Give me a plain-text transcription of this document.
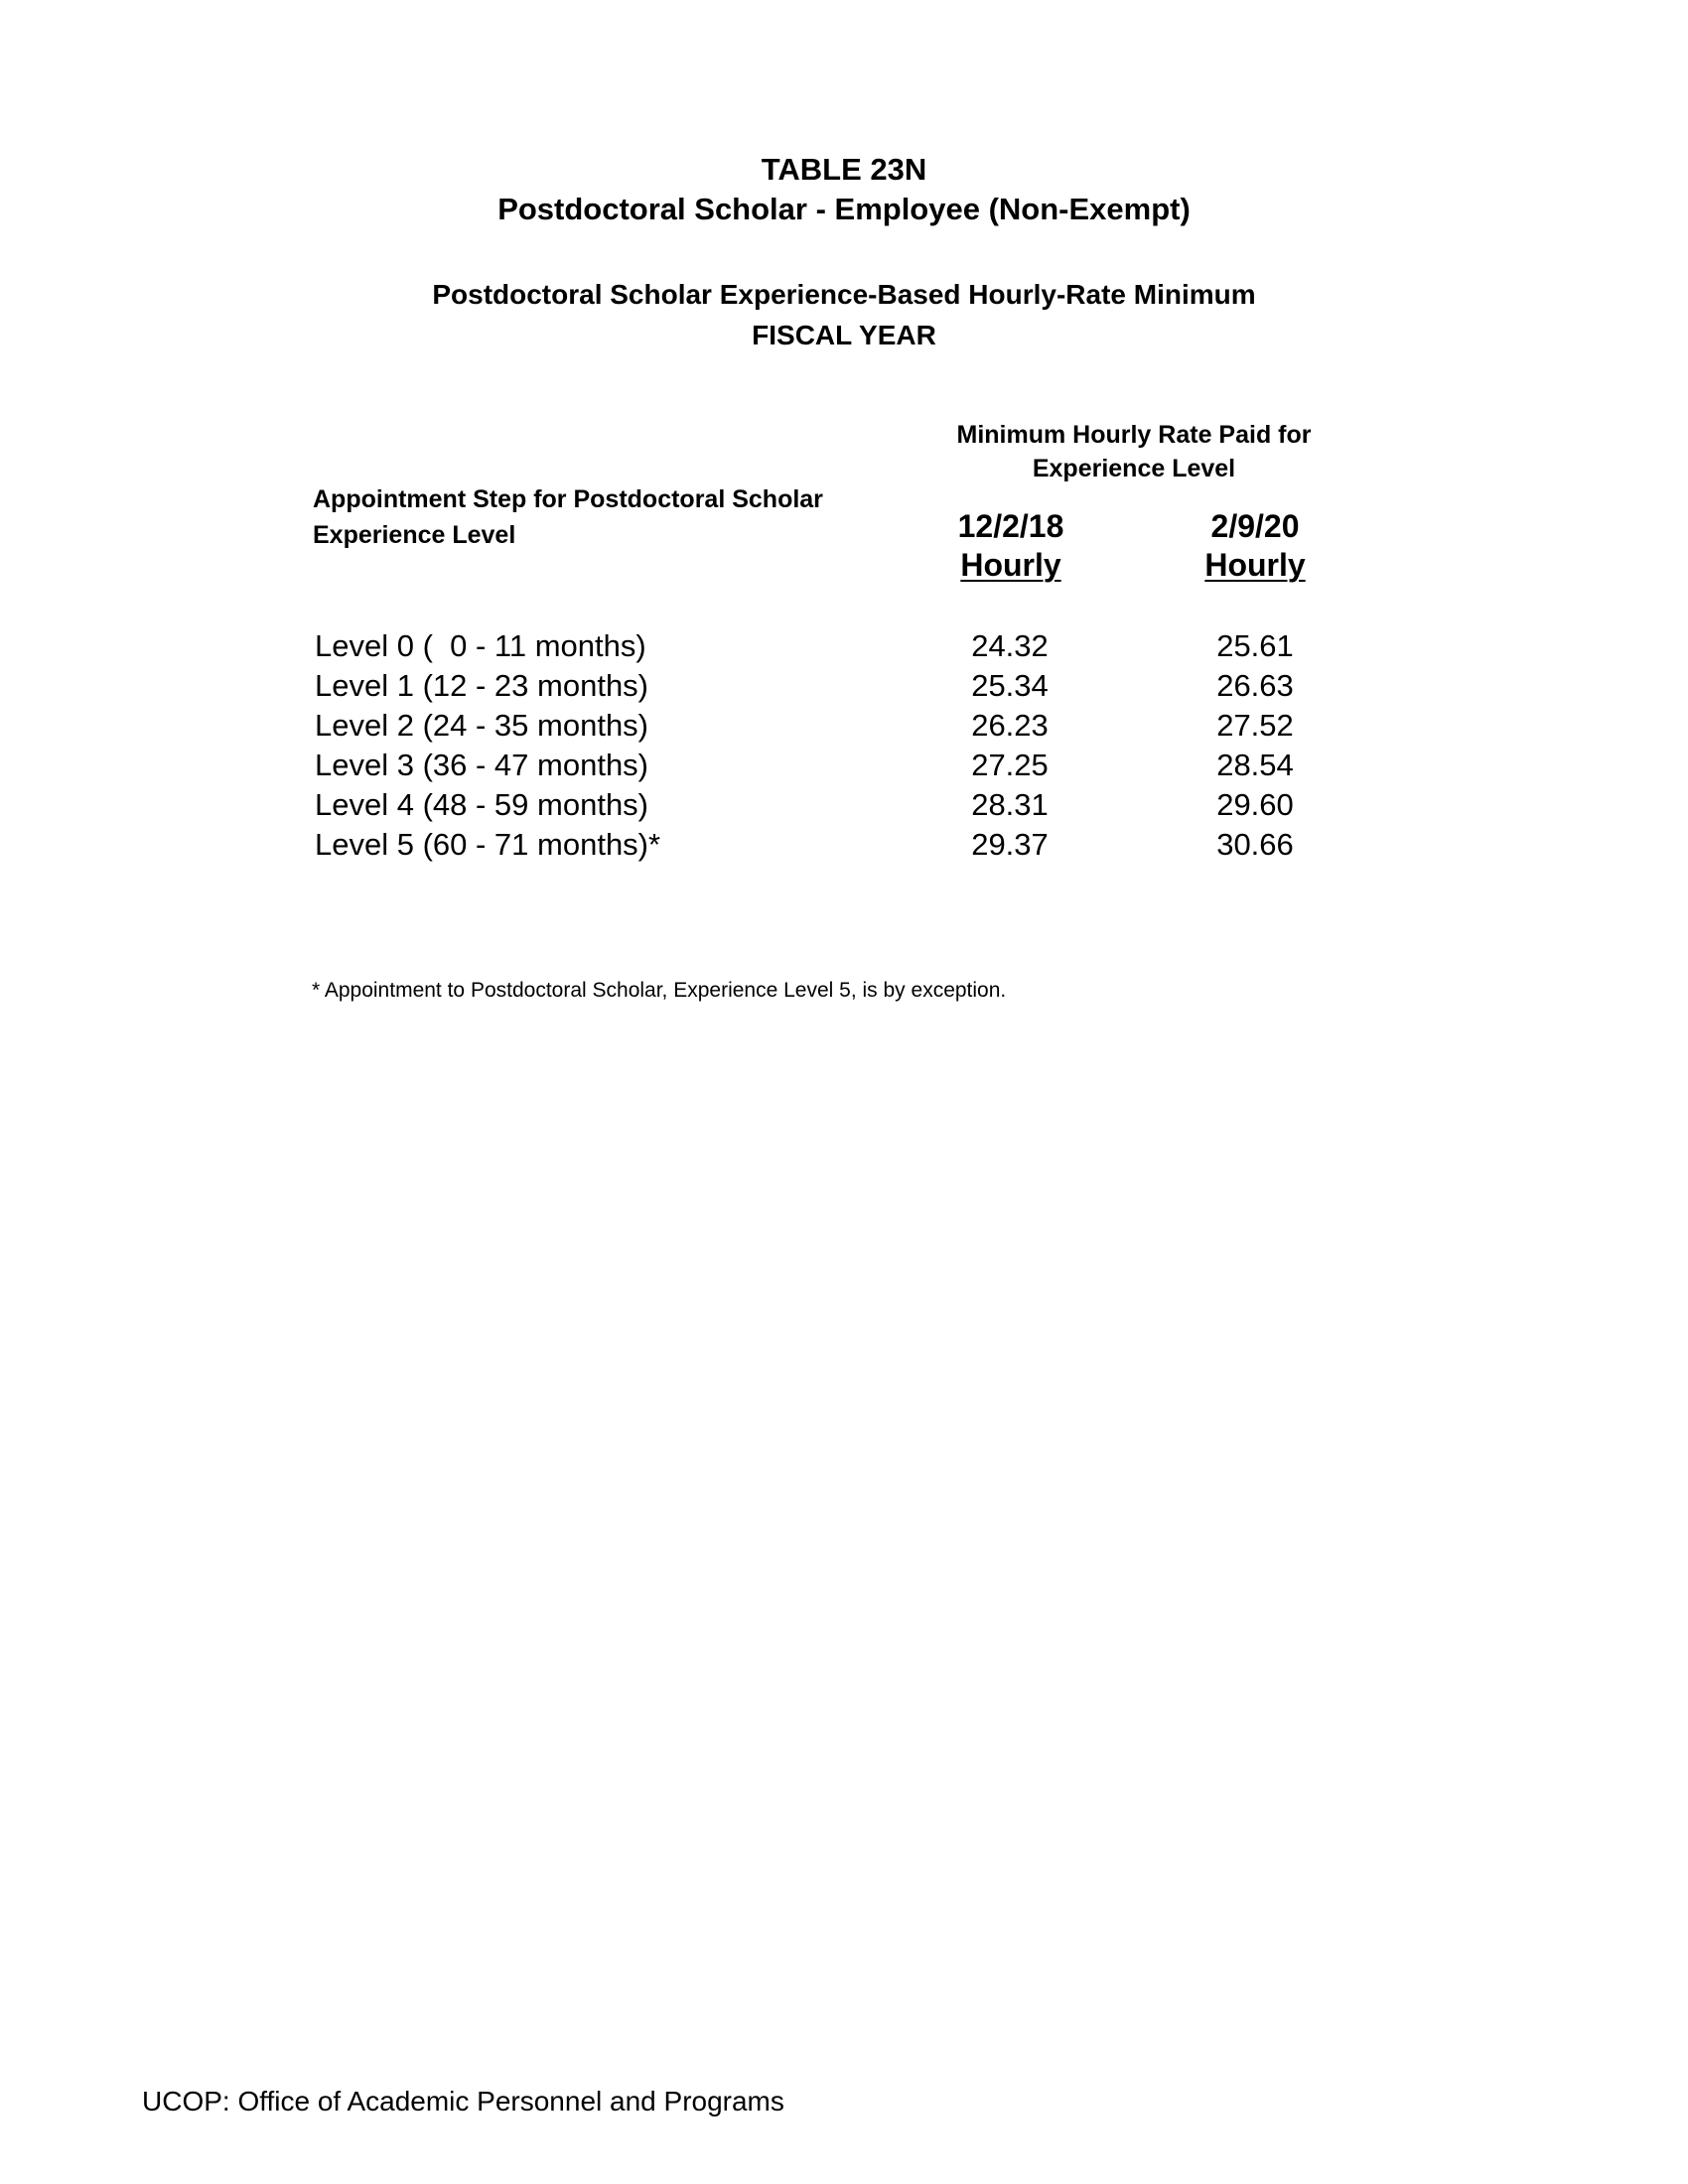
TABLE 23N
Postdoctoral Scholar - Employee (Non-Exempt)
Postdoctoral Scholar Experience-Based Hourly-Rate Minimum
FISCAL YEAR
Appointment Step for Postdoctoral Scholar
Experience Level
Minimum Hourly Rate Paid for
Experience Level
12/2/18
Hourly
2/9/20
Hourly
Level 0 (  0 - 11 months)	24.32	25.61
Level 1 (12 - 23 months)	25.34	26.63
Level 2 (24 - 35 months)	26.23	27.52
Level 3 (36 - 47 months)	27.25	28.54
Level 4 (48 - 59 months)	28.31	29.60
Level 5 (60 - 71 months)*	29.37	30.66
* Appointment to Postdoctoral Scholar, Experience Level 5, is by exception.
UCOP: Office of Academic Personnel and Programs
